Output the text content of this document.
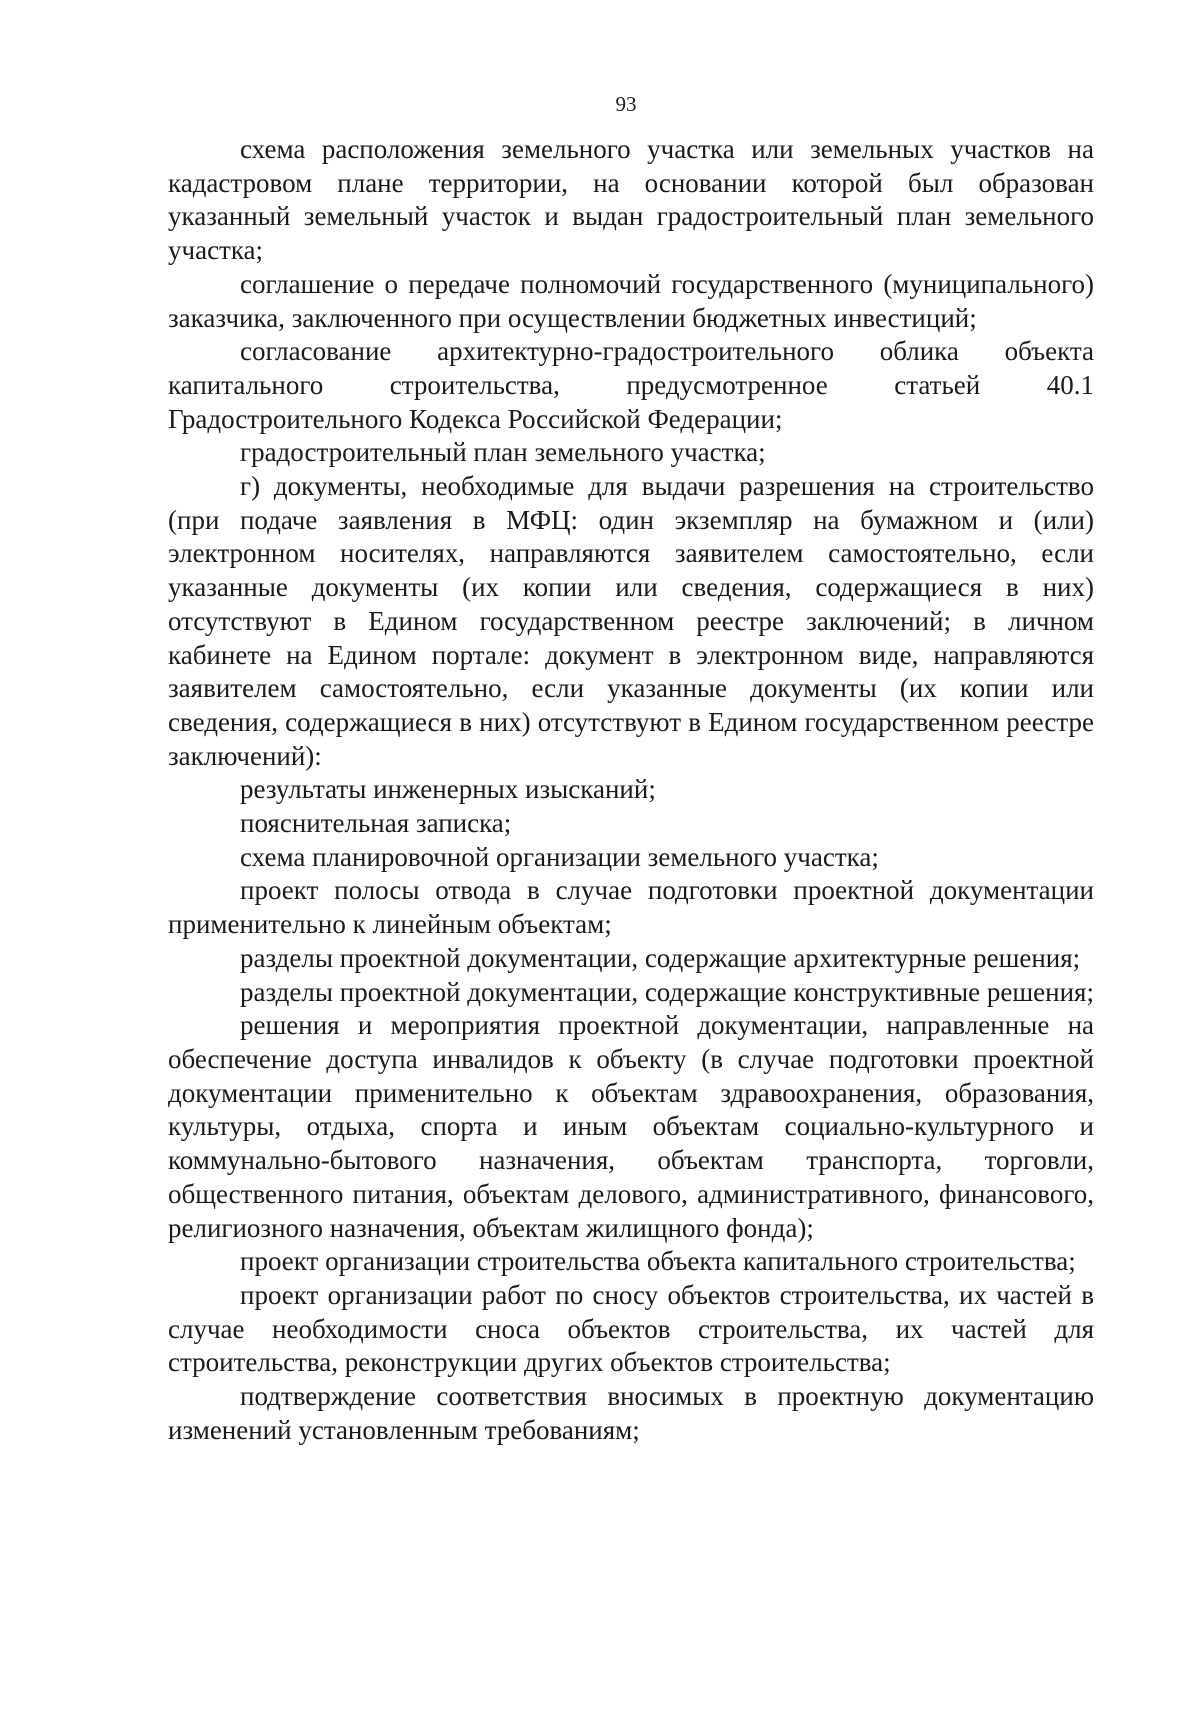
93

схема расположения земельного участка или земельных участков на кадастровом плане территории, на основании которой был образован указанный земельный участок и выдан градостроительный план земельного участка;

соглашение о передаче полномочий государственного (муниципального) заказчика, заключенного при осуществлении бюджетных инвестиций;

согласование архитектурно-градостроительного облика объекта капитального строительства, предусмотренное статьей 40.1 Градостроительного Кодекса Российской Федерации;

градостроительный план земельного участка;

г) документы, необходимые для выдачи разрешения на строительство (при подаче заявления в МФЦ: один экземпляр на бумажном и (или) электронном носителях, направляются заявителем самостоятельно, если указанные документы (их копии или сведения, содержащиеся в них) отсутствуют в Едином государственном реестре заключений; в личном кабинете на Едином портале: документ в электронном виде, направляются заявителем самостоятельно, если указанные документы (их копии или сведения, содержащиеся в них) отсутствуют в Едином государственном реестре заключений):

результаты инженерных изысканий;

пояснительная записка;

схема планировочной организации земельного участка;

проект полосы отвода в случае подготовки проектной документации применительно к линейным объектам;

разделы проектной документации, содержащие архитектурные решения;

разделы проектной документации, содержащие конструктивные решения;

решения и мероприятия проектной документации, направленные на обеспечение доступа инвалидов к объекту (в случае подготовки проектной документации применительно к объектам здравоохранения, образования, культуры, отдыха, спорта и иным объектам социально-культурного и коммунально-бытового назначения, объектам транспорта, торговли, общественного питания, объектам делового, административного, финансового, религиозного назначения, объектам жилищного фонда);

проект организации строительства объекта капитального строительства;

проект организации работ по сносу объектов строительства, их частей в случае необходимости сноса объектов строительства, их частей для строительства, реконструкции других объектов строительства;

подтверждение соответствия вносимых в проектную документацию изменений установленным требованиям;
